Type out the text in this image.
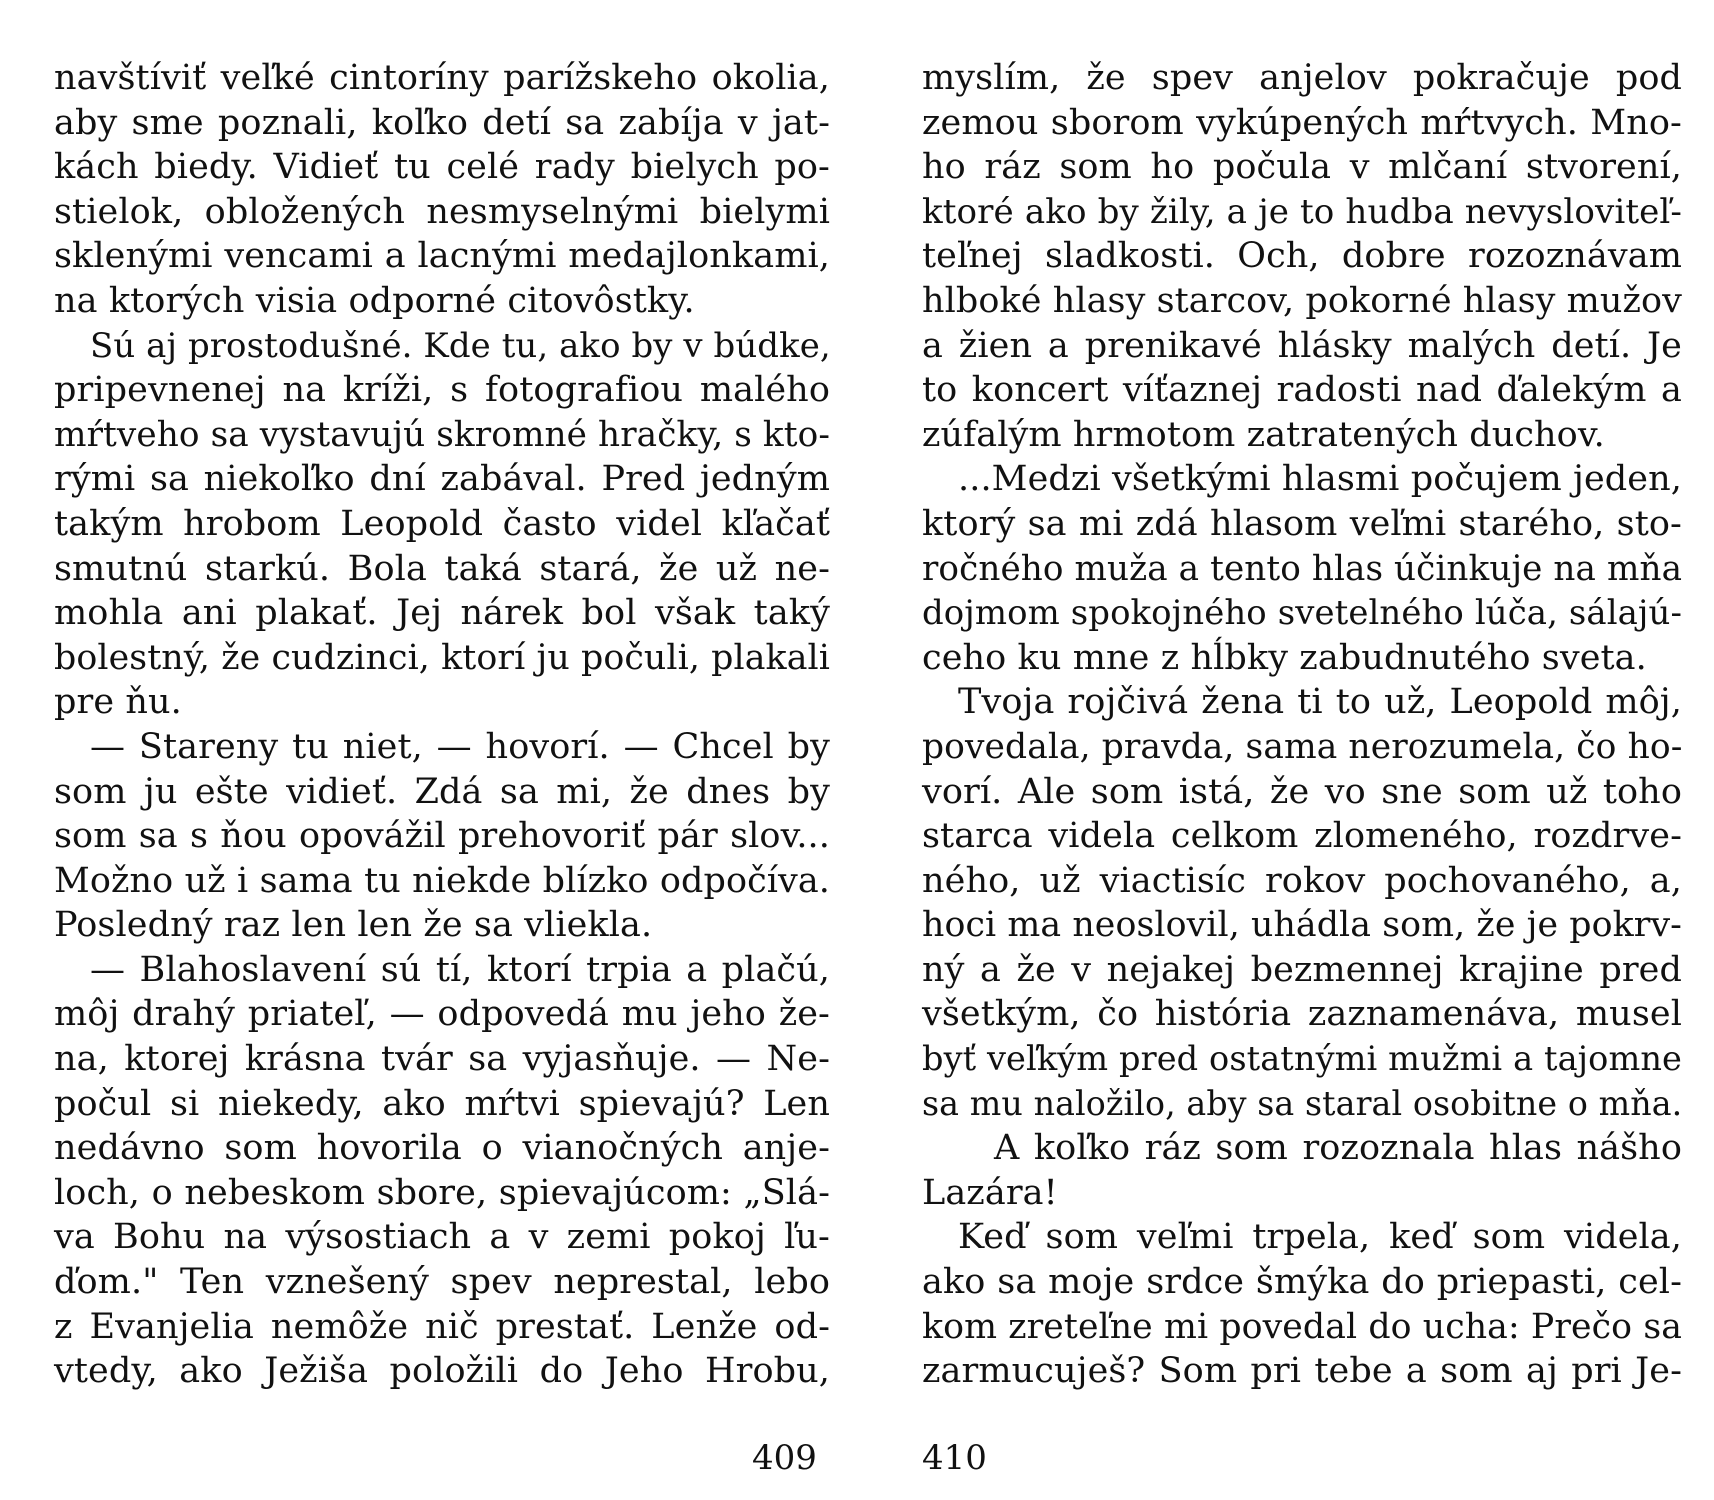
navštíviť veľké cintoríny parížskeho okolia,
aby sme poznali, koľko detí sa zabíja v jat-
kách biedy. Vidieť tu celé rady bielych po-
stielok, obložených nesmyselnými bielymi
sklenými vencami a lacnými medajlonkami,
na ktorých visia odporné citovôstky.
Sú aj prostodušné. Kde tu, ako by v búdke,
pripevnenej na kríži, s fotografiou malého
mŕtveho sa vystavujú skromné hračky, s kto-
rými sa niekoľko dní zabával. Pred jedným
takým hrobom Leopold často videl kľačať
smutnú starkú. Bola taká stará, že už ne-
mohla ani plakať. Jej nárek bol však taký
bolestný, že cudzinci, ktorí ju počuli, plakali
pre ňu.
— Stareny tu niet, — hovorí. — Chcel by
som ju ešte vidieť. Zdá sa mi, že dnes by
som sa s ňou opovážil prehovoriť pár slov...
Možno už i sama tu niekde blízko odpočíva.
Posledný raz len len že sa vliekla.
— Blahoslavení sú tí, ktorí trpia a plačú,
môj drahý priateľ, — odpovedá mu jeho že-
na, ktorej krásna tvár sa vyjasňuje. — Ne-
počul si niekedy, ako mŕtvi spievajú? Len
nedávno som hovorila o vianočných anje-
loch, o nebeskom sbore, spievajúcom: „Slá-
va Bohu na výsostiach a v zemi pokoj ľu-
ďom." Ten vznešený spev neprestal, lebo
z Evanjelia nemôže nič prestať. Lenže od-
vtedy, ako Ježiša položili do Jeho Hrobu,
myslím, že spev anjelov pokračuje pod
zemou sborom vykúpených mŕtvych. Mno-
ho ráz som ho počula v mlčaní stvorení,
ktoré ako by žily, a je to hudba nevysloviteľ-
teľnej sladkosti. Och, dobre rozoznávam
hlboké hlasy starcov, pokorné hlasy mužov
a žien a prenikavé hlásky malých detí. Je
to koncert víťaznej radosti nad ďalekým a
zúfalým hrmotom zatratených duchov.
...Medzi všetkými hlasmi počujem jeden,
ktorý sa mi zdá hlasom veľmi starého, sto-
ročného muža a tento hlas účinkuje na mňa
dojmom spokojného svetelného lúča, sálajú-
ceho ku mne z hĺbky zabudnutého sveta.
Tvoja rojčivá žena ti to už, Leopold môj,
povedala, pravda, sama nerozumela, čo ho-
vorí. Ale som istá, že vo sne som už toho
starca videla celkom zlomeného, rozdrve-
ného, už viactisíc rokov pochovaného, a,
hoci ma neoslovil, uhádla som, že je pokrv-
ný a že v nejakej bezmennej krajine pred
všetkým, čo história zaznamenáva, musel
byť veľkým pred ostatnými mužmi a tajomne
sa mu naložilo, aby sa staral osobitne o mňa.
A koľko ráz som rozoznala hlas nášho
Lazára!
Keď som veľmi trpela, keď som videla,
ako sa moje srdce šmýka do priepasti, cel-
kom zreteľne mi povedal do ucha: Prečo sa
zarmucuješ? Som pri tebe a som aj pri Je-
409	410
